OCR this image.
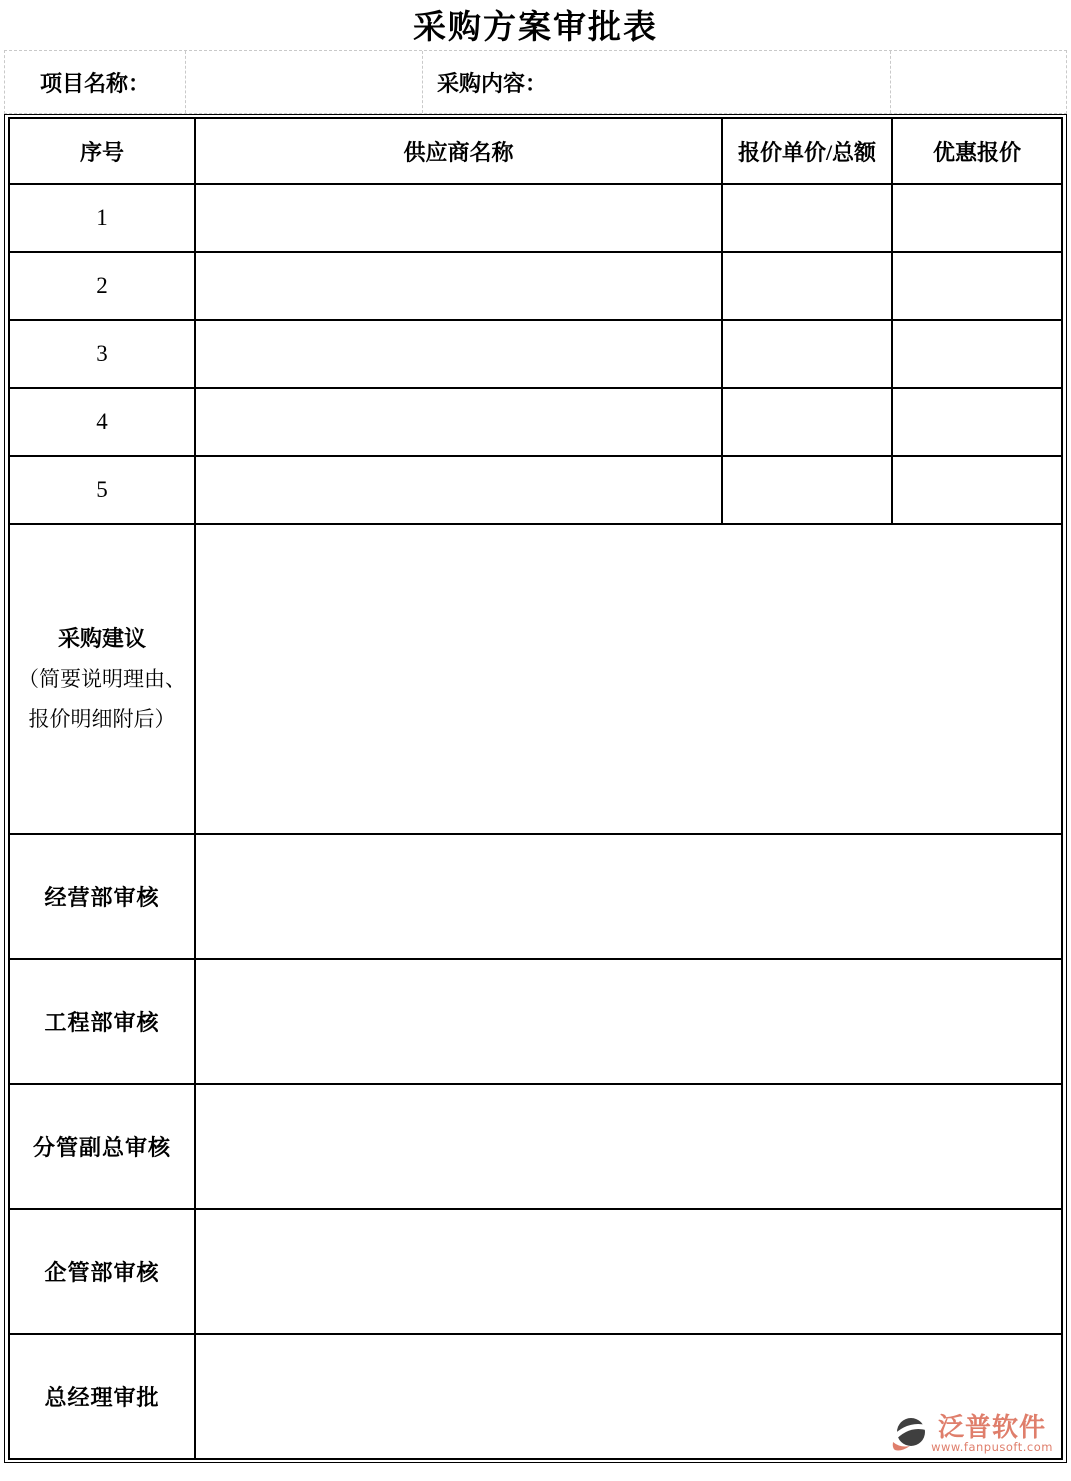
采购方案审批表
项目名称：	采购内容：
序号	供应商名称	报价单价/总额	优惠报价
1			
2			
3			
4			
5			

采购建议
（简要说明理由、
报价明细附后）			

经营部审核			
工程部审核			
分管副总审核			
企管部审核			
总经理审批	泛普软件
www.fanpusoft.com		
